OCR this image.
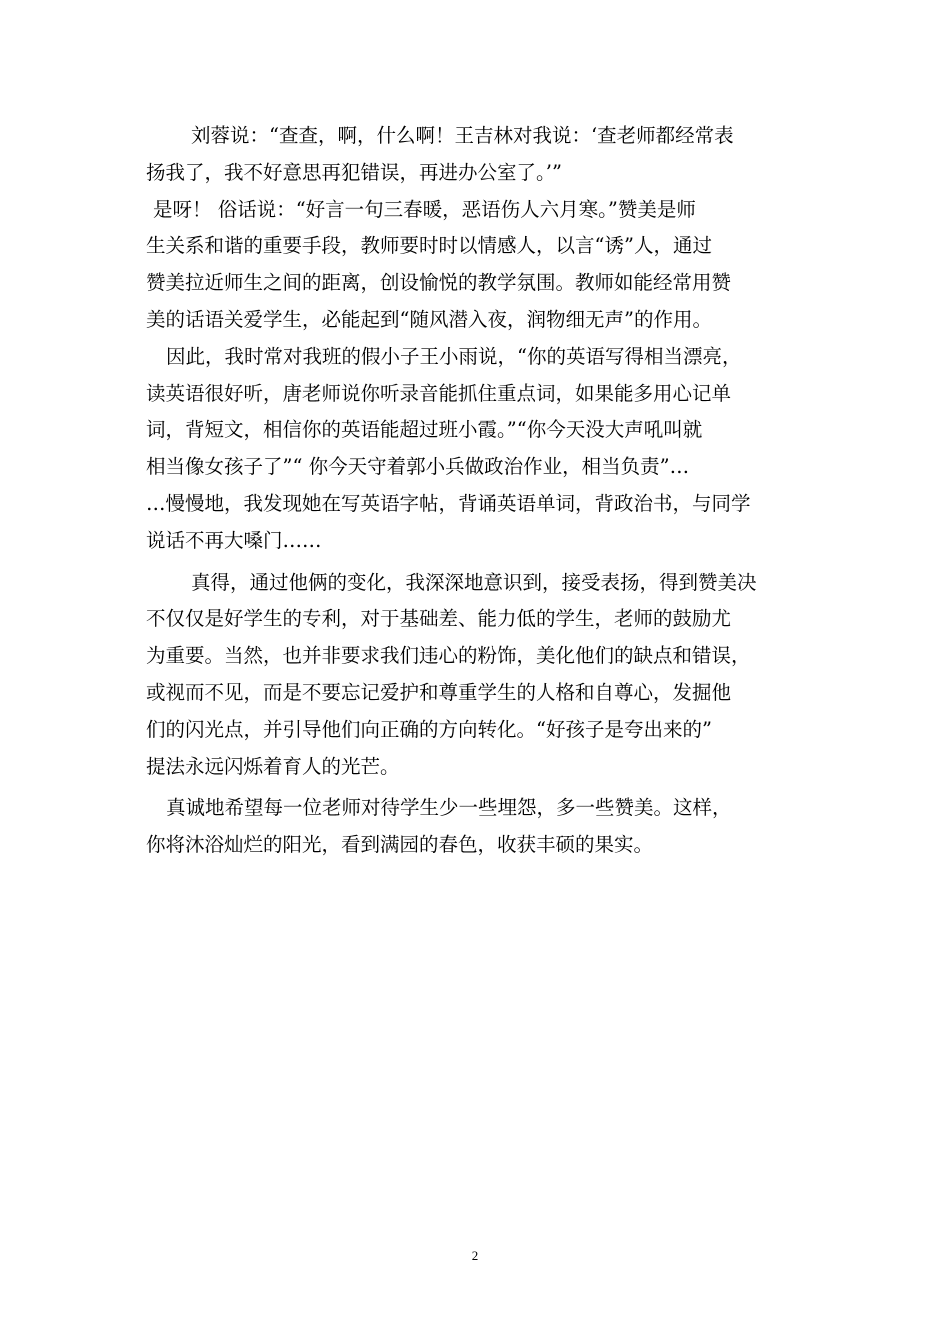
刘蓉说：“查查，啊，什么啊！王吉林对我说：‘查老师都经常表
扬我了，我不好意思再犯错误，再进办公室了。’”
是呀！ 俗话说：“好言一句三春暖，恶语伤人六月寒。”赞美是师
生关系和谐的重要手段，教师要时时以情感人，以言“诱”人，通过
赞美拉近师生之间的距离，创设愉悦的教学氛围。教师如能经常用赞
美的话语关爱学生，必能起到“随风潜入夜，润物细无声”的作用。
因此，我时常对我班的假小子王小雨说，“你的英语写得相当漂亮，
读英语很好听，唐老师说你听录音能抓住重点词，如果能多用心记单
词，背短文，相信你的英语能超过班小霞。”“你今天没大声吼叫就
相当像女孩子了”“ 你今天守着郭小兵做政治作业，相当负责”…
…慢慢地，我发现她在写英语字帖，背诵英语单词，背政治书，与同学
说话不再大嗓门……
真得，通过他俩的变化，我深深地意识到，接受表扬，得到赞美决
不仅仅是好学生的专利，对于基础差、能力低的学生，老师的鼓励尤
为重要。当然，也并非要求我们违心的粉饰，美化他们的缺点和错误，
或视而不见，而是不要忘记爱护和尊重学生的人格和自尊心，发掘他
们的闪光点，并引导他们向正确的方向转化。“好孩子是夸出来的”
提法永远闪烁着育人的光芒。
真诚地希望每一位老师对待学生少一些埋怨，多一些赞美。这样，
你将沐浴灿烂的阳光，看到满园的春色，收获丰硕的果实。
2
